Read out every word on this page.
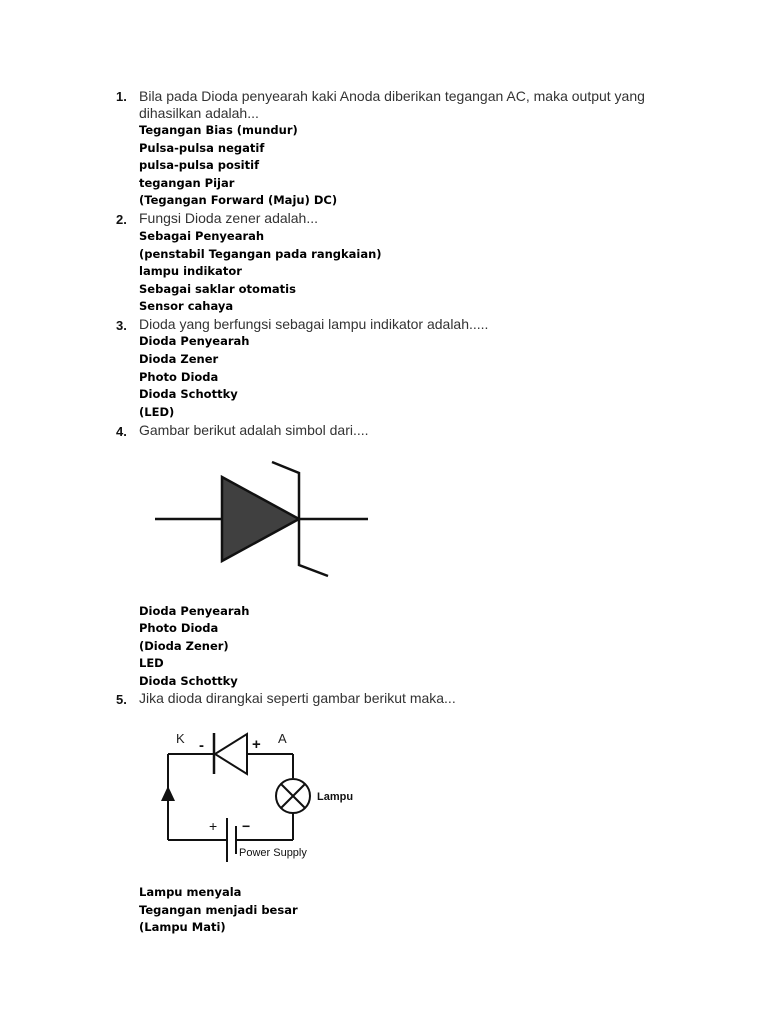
1. Bila pada Dioda penyearah kaki Anoda diberikan tegangan AC, maka output yang dihasilkan adalah...
Tegangan Bias (mundur)
Pulsa-pulsa negatif
pulsa-pulsa positif
tegangan Pijar
(Tegangan Forward (Maju) DC)
2. Fungsi Dioda zener adalah...
Sebagai Penyearah
(penstabil Tegangan pada rangkaian)
lampu indikator
Sebagai saklar otomatis
Sensor cahaya
3. Dioda yang berfungsi sebagai lampu indikator adalah.....
Dioda Penyearah
Dioda Zener
Photo Dioda
Dioda Schottky
(LED)
4. Gambar berikut adalah simbol dari....
Dioda Penyearah
Photo Dioda
(Dioda Zener)
LED
Dioda Schottky
5. Jika dioda dirangkai seperti gambar berikut maka...
K -	+ A
Lampu
+ −
Power Supply
Lampu menyala
Tegangan menjadi besar
(Lampu Mati)
